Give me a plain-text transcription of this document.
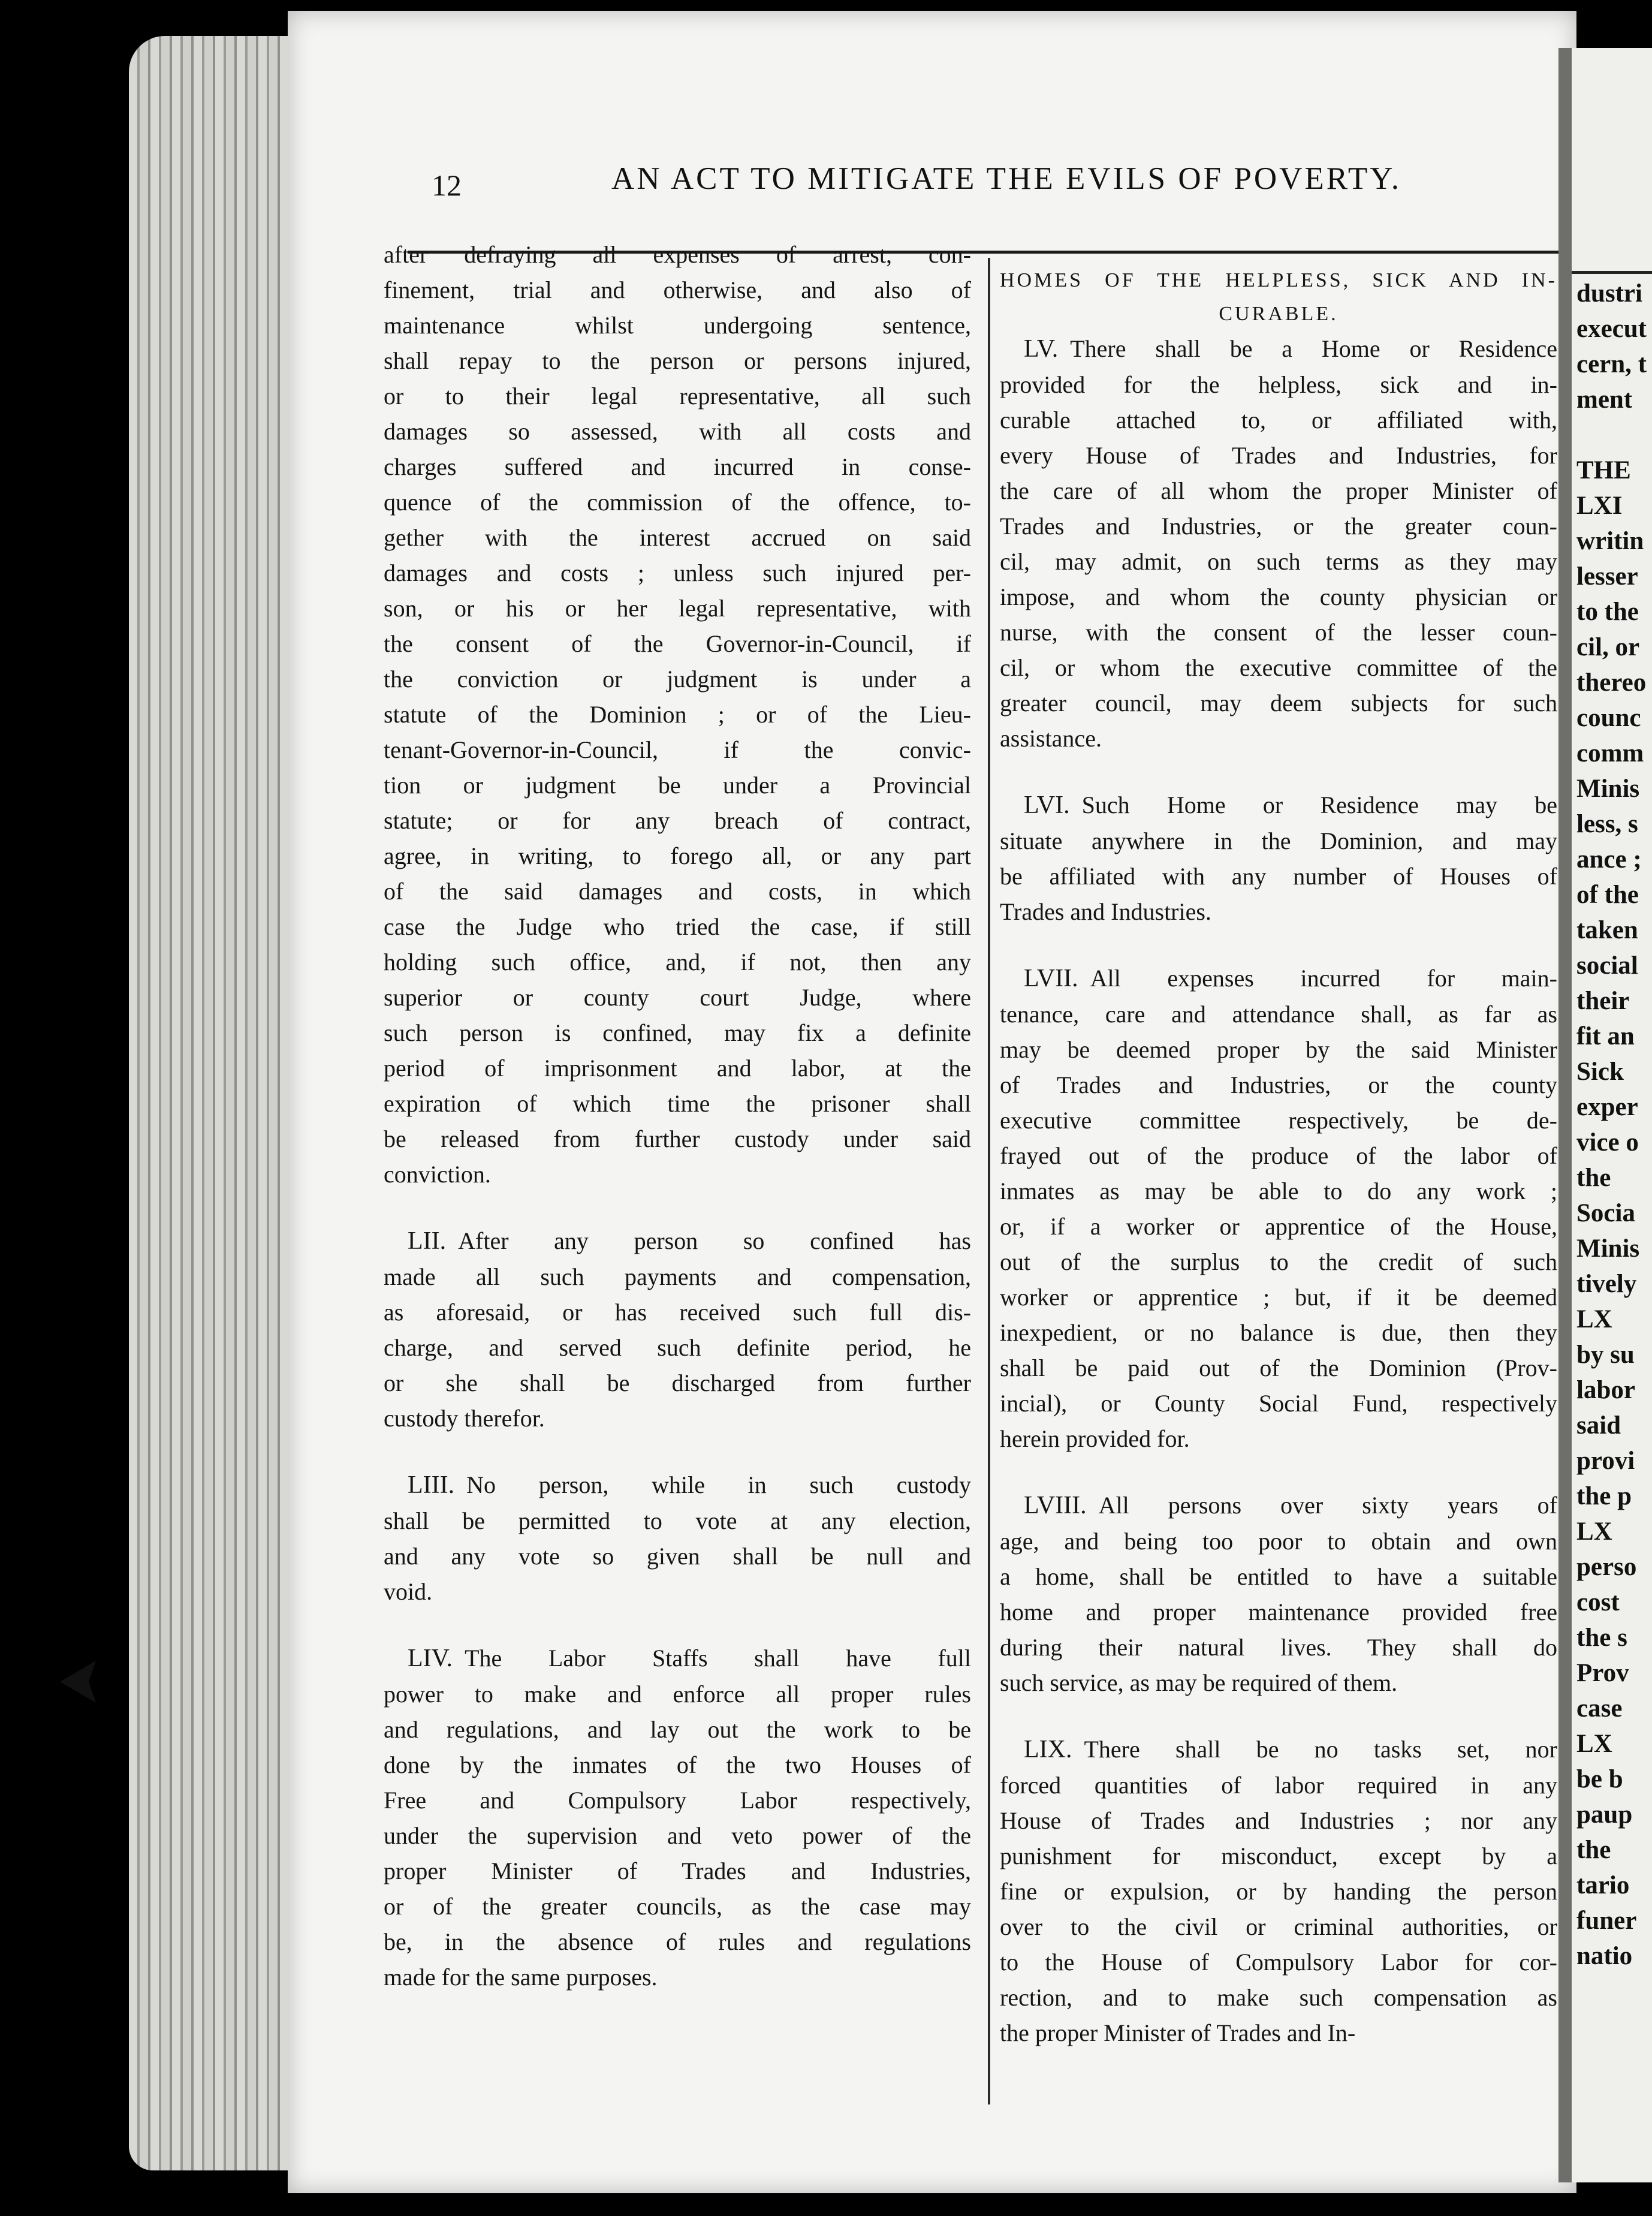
dustri
execut
cern, t
ment
THE
LXI
writin
lesser
to the
cil, or
thereo
counc
comm
Minis
less, s
ance ;
of the
taken
social
their
fit an
Sick
exper
vice o
the
Socia
Minis
tively
LX
by su
labor
said
provi
the p
LX
perso
cost
the s
Prov
case
LX
be b
paup
the
tario
funer
natio
12	AN ACT TO MITIGATE THE EVILS OF POVERTY.

after defraying all expenses of arrest, con-
finement, trial and otherwise, and also of
maintenance whilst undergoing sentence,
shall repay to the person or persons injured,
or to their legal representative, all such
damages so assessed, with all costs and
charges suffered and incurred in conse-
quence of the commission of the offence, to-
gether with the interest accrued on said
damages and costs ; unless such injured per-
son, or his or her legal representative, with
the consent of the Governor-in-Council, if
the conviction or judgment is under a
statute of the Dominion ; or of the Lieu-
tenant-Governor-in-Council, if the convic-
tion or judgment be under a Provincial
statute; or for any breach of contract,
agree, in writing, to forego all, or any part
of the said damages and costs, in which
case the Judge who tried the case, if still
holding such office, and, if not, then any
superior or county court Judge, where
such person is confined, may fix a definite
period of imprisonment and labor, at the
expiration of which time the prisoner shall
be released from further custody under said
conviction.

LII. After any person so confined has
made all such payments and compensation,
as aforesaid, or has received such full dis-
charge, and served such definite period, he
or she shall be discharged from further
custody therefor.

LIII. No person, while in such custody
shall be permitted to vote at any election,
and any vote so given shall be null and
void.

LIV. The Labor Staffs shall have full
power to make and enforce all proper rules
and regulations, and lay out the work to be
done by the inmates of the two Houses of
Free and Compulsory Labor respectively,
under the supervision and veto power of the
proper Minister of Trades and Industries,
or of the greater councils, as the case may
be, in the absence of rules and regulations
made for the same purposes.

HOMES OF THE HELPLESS, SICK AND IN-
CURABLE.

LV. There shall be a Home or Residence
provided for the helpless, sick and in-
curable attached to, or affiliated with,
every House of Trades and Industries, for
the care of all whom the proper Minister of
Trades and Industries, or the greater coun-
cil, may admit, on such terms as they may
impose, and whom the county physician or
nurse, with the consent of the lesser coun-
cil, or whom the executive committee of the
greater council, may deem subjects for such
assistance.

LVI. Such Home or Residence may be
situate anywhere in the Dominion, and may
be affiliated with any number of Houses of
Trades and Industries.

LVII. All expenses incurred for main-
tenance, care and attendance shall, as far as
may be deemed proper by the said Minister
of Trades and Industries, or the county
executive committee respectively, be de-
frayed out of the produce of the labor of
inmates as may be able to do any work ;
or, if a worker or apprentice of the House,
out of the surplus to the credit of such
worker or apprentice ; but, if it be deemed
inexpedient, or no balance is due, then they
shall be paid out of the Dominion (Prov-
incial), or County Social Fund, respectively
herein provided for.

LVIII. All persons over sixty years of
age, and being too poor to obtain and own
a home, shall be entitled to have a suitable
home and proper maintenance provided free
during their natural lives. They shall do
such service, as may be required of them.

LIX. There shall be no tasks set, nor
forced quantities of labor required in any
House of Trades and Industries ; nor any
punishment for misconduct, except by a
fine or expulsion, or by handing the person
over to the civil or criminal authorities, or
to the House of Compulsory Labor for cor-
rection, and to make such compensation as
the proper Minister of Trades and In-
